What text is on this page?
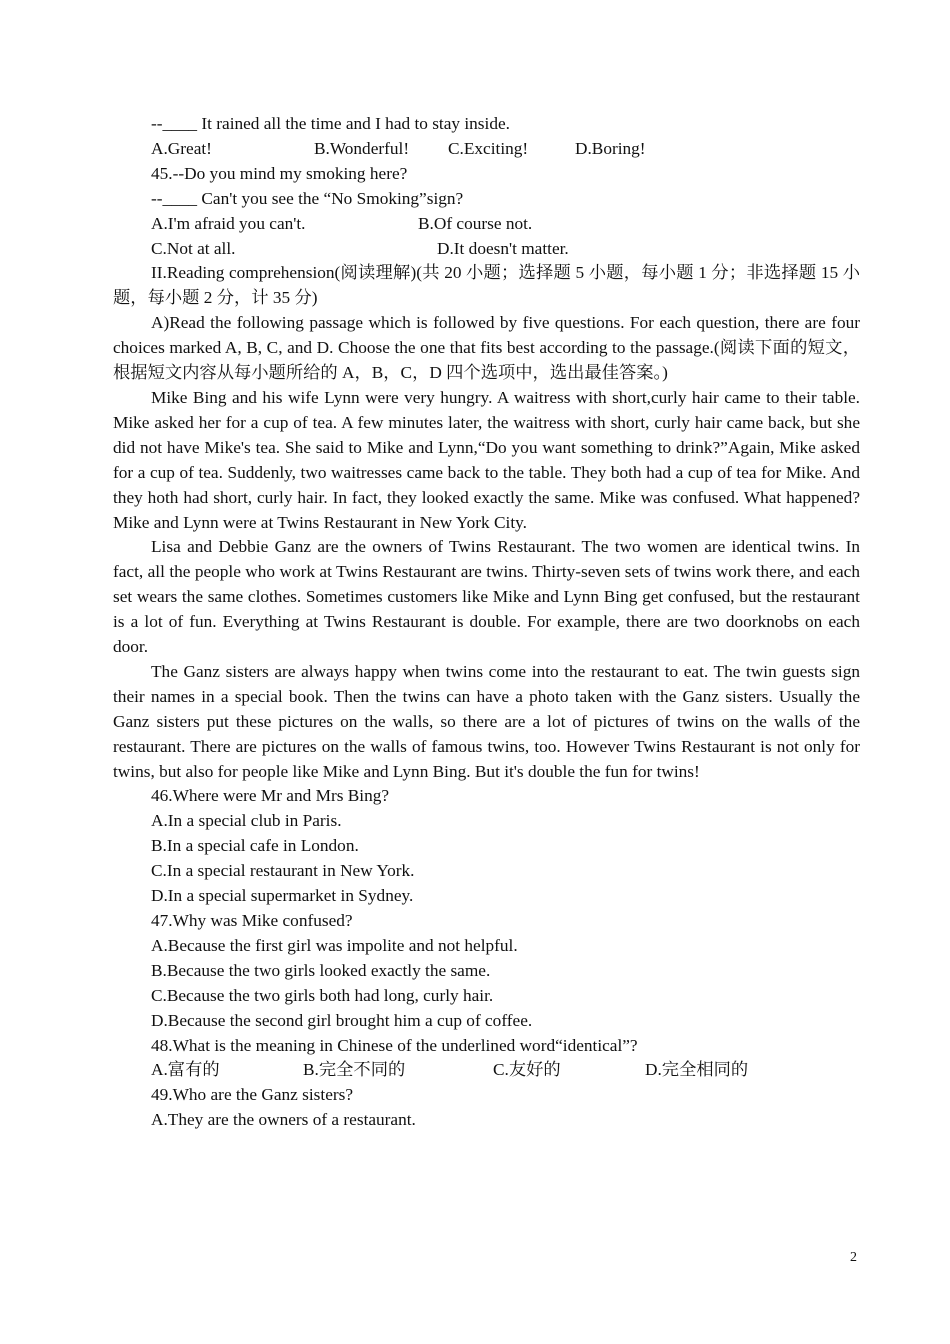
--____ It rained all the time and I had to stay inside.

A.Great!	B.Wonderful!	C.Exciting!	D.Boring!

45.--Do you mind my smoking here?

--____ Can't you see the “No Smoking”sign?

A.I'm afraid you can't.	B.Of course not.
C.Not at all.	D.It doesn't matter.

II.Reading comprehension(阅读理解)(共 20 小题；选择题 5 小题，每小题 1 分；非选择题 15 小题，每小题 2 分，计 35 分)

A)Read the following passage which is followed by five questions. For each question, there are four choices marked A, B, C, and D. Choose the one that fits best according to the passage.(阅读下面的短文，根据短文内容从每小题所给的 A，B，C，D 四个选项中，选出最佳答案。)

Mike Bing and his wife Lynn were very hungry. A waitress with short,curly hair came to their table. Mike asked her for a cup of tea. A few minutes later, the waitress with short, curly hair came back, but she did not have Mike's tea. She said to Mike and Lynn,“Do you want something to drink?”Again, Mike asked for a cup of tea. Suddenly, two waitresses came back to the table. They both had a cup of tea for Mike. And they hoth had short, curly hair. In fact, they looked exactly the same. Mike was confused. What happened? Mike and Lynn were at Twins Restaurant in New York City.

Lisa and Debbie Ganz are the owners of Twins Restaurant. The two women are identical twins. In fact, all the people who work at Twins Restaurant are twins. Thirty-seven sets of twins work there, and each set wears the same clothes. Sometimes customers like Mike and Lynn Bing get confused, but the restaurant is a lot of fun. Everything at Twins Restaurant is double. For example, there are two doorknobs on each door.

The Ganz sisters are always happy when twins come into the restaurant to eat. The twin guests sign their names in a special book. Then the twins can have a photo taken with the Ganz sisters. Usually the Ganz sisters put these pictures on the walls, so there are a lot of pictures of twins on the walls of the restaurant. There are pictures on the walls of famous twins, too. However Twins Restaurant is not only for twins, but also for people like Mike and Lynn Bing. But it's double the fun for twins!

46.Where were Mr and Mrs Bing?

A.In a special club in Paris.

B.In a special cafe in London.

C.In a special restaurant in New York.

D.In a special supermarket in Sydney.

47.Why was Mike confused?

A.Because the first girl was impolite and not helpful.

B.Because the two girls looked exactly the same.

C.Because the two girls both had long, curly hair.

D.Because the second girl brought him a cup of coffee.

48.What is the meaning in Chinese of the underlined word“identical”?

A.富有的	B.完全不同的	C.友好的	D.完全相同的

49.Who are the Ganz sisters?

A.They are the owners of a restaurant.

2
